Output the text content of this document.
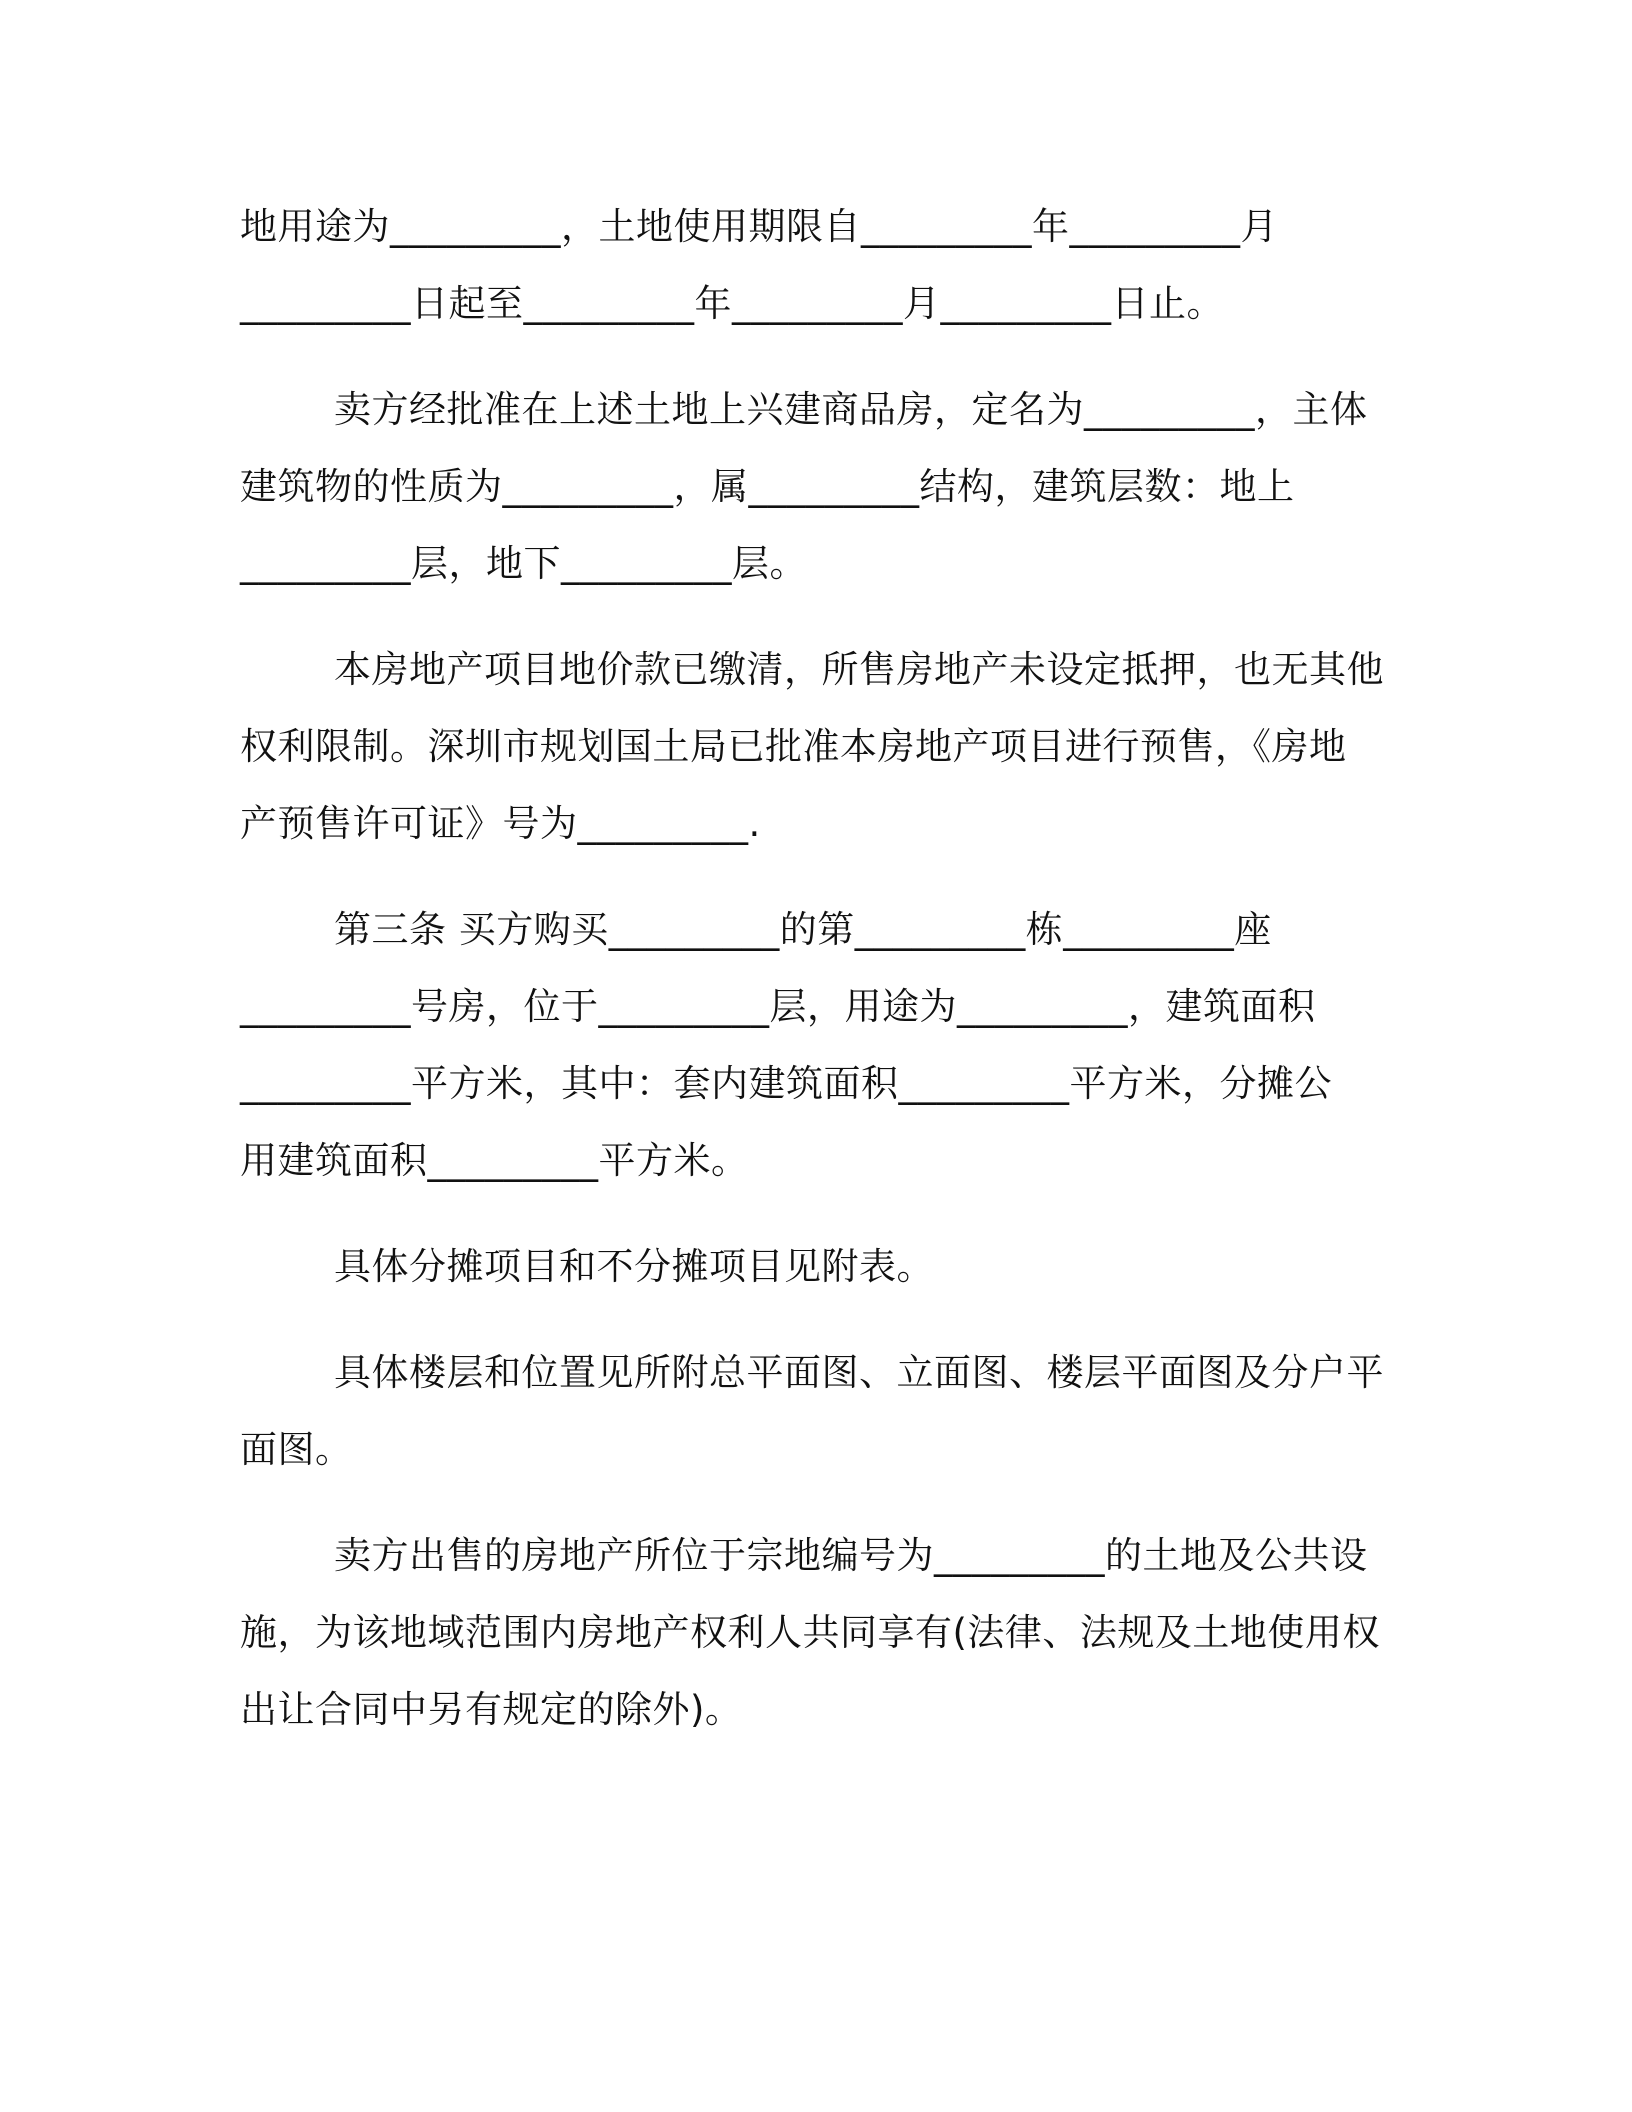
地用途为_________，土地使用期限自_________年_________月
_________日起至_________年_________月_________日止。

卖方经批准在上述土地上兴建商品房，定名为_________，主体
建筑物的性质为_________，属_________结构，建筑层数：地上
_________层，地下_________层。

本房地产项目地价款已缴清，所售房地产未设定抵押，也无其他
权利限制。深圳市规划国土局已批准本房地产项目进行预售，《房地
产预售许可证》号为_________.

第三条 买方购买_________的第_________栋_________座
_________号房，位于_________层，用途为_________，建筑面积
_________平方米，其中：套内建筑面积_________平方米，分摊公
用建筑面积_________平方米。

具体分摊项目和不分摊项目见附表。

具体楼层和位置见所附总平面图、立面图、楼层平面图及分户平
面图。

卖方出售的房地产所位于宗地编号为_________的土地及公共设
施，为该地域范围内房地产权利人共同享有(法律、法规及土地使用权
出让合同中另有规定的除外)。
